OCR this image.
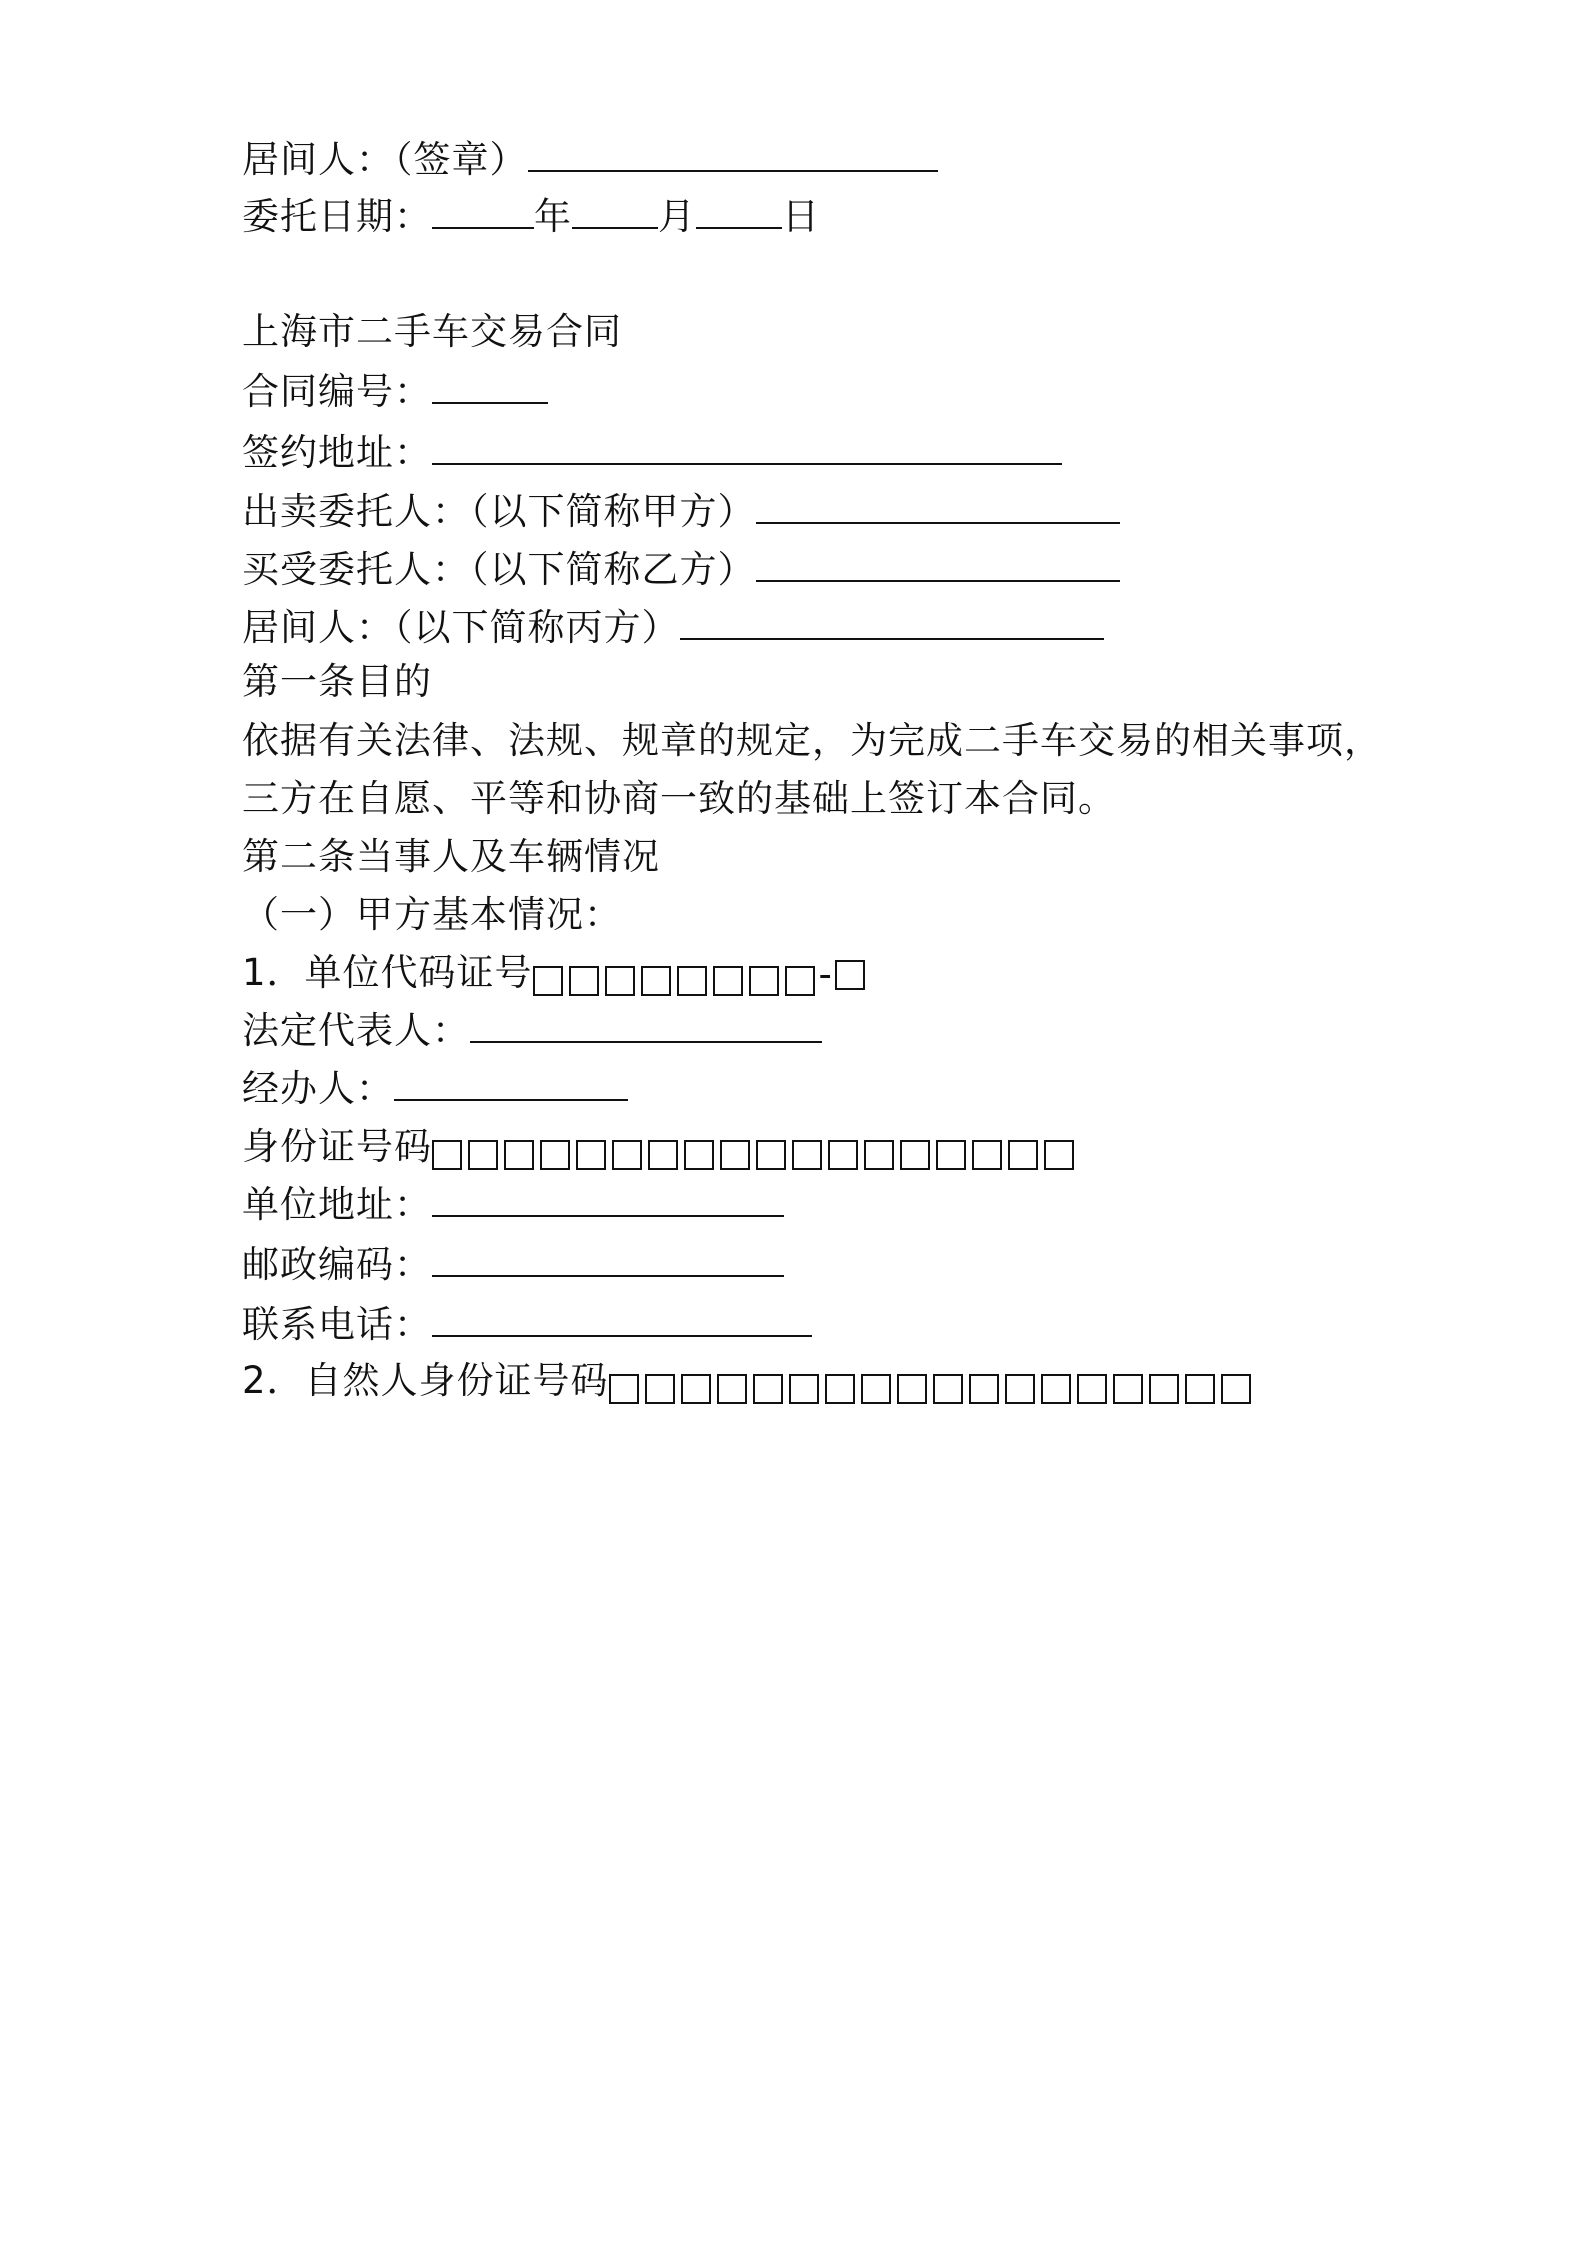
居间人：（签章）
委托日期：	年 月 日
上海市二手车交易合同
合同编号：
签约地址：
出卖委托人：（以下简称甲方）
买受委托人：（以下简称乙方）
居间人：（以下简称丙方）
第一条目的
依据有关法律、法规、规章的规定，为完成二手车交易的相关事项，
三方在自愿、平等和协商一致的基础上签订本合同。
第二条当事人及车辆情况
（一）甲方基本情况：
1．单位代码证号	-
法定代表人：
经办人：
身份证号码
单位地址：
邮政编码：
联系电话：
2．自然人身份证号码
